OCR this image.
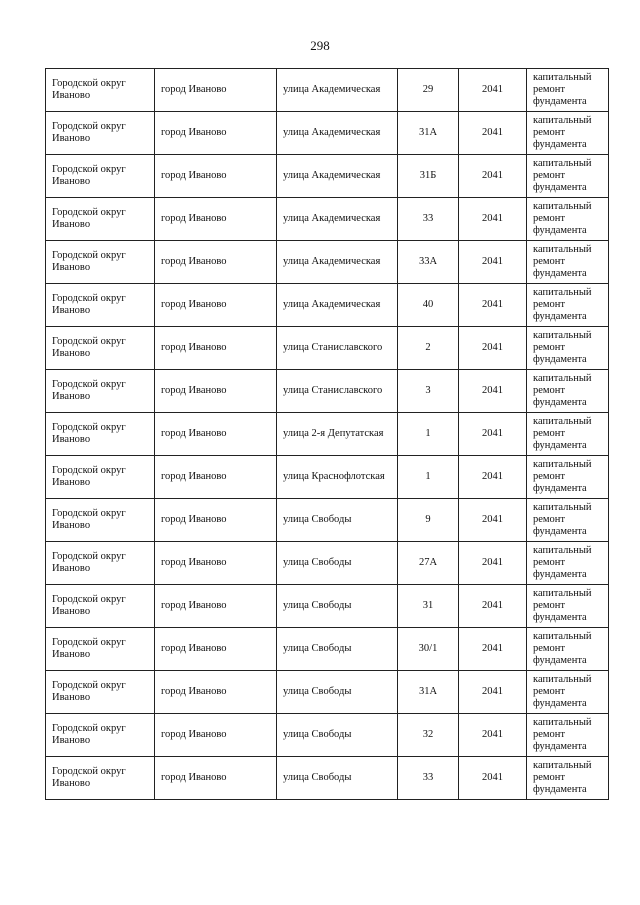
298
Городской округ Иваново	город Иваново	улица Академическая	29	2041	капитальный ремонт фундамента
Городской округ Иваново	город Иваново	улица Академическая	31А	2041	капитальный ремонт фундамента
Городской округ Иваново	город Иваново	улица Академическая	31Б	2041	капитальный ремонт фундамента
Городской округ Иваново	город Иваново	улица Академическая	33	2041	капитальный ремонт фундамента
Городской округ Иваново	город Иваново	улица Академическая	33А	2041	капитальный ремонт фундамента
Городской округ Иваново	город Иваново	улица Академическая	40	2041	капитальный ремонт фундамента
Городской округ Иваново	город Иваново	улица Станиславского	2	2041	капитальный ремонт фундамента
Городской округ Иваново	город Иваново	улица Станиславского	3	2041	капитальный ремонт фундамента
Городской округ Иваново	город Иваново	улица 2-я Депутатская	1	2041	капитальный ремонт фундамента
Городской округ Иваново	город Иваново	улица Краснофлотская	1	2041	капитальный ремонт фундамента
Городской округ Иваново	город Иваново	улица Свободы	9	2041	капитальный ремонт фундамента
Городской округ Иваново	город Иваново	улица Свободы	27А	2041	капитальный ремонт фундамента
Городской округ Иваново	город Иваново	улица Свободы	31	2041	капитальный ремонт фундамента
Городской округ Иваново	город Иваново	улица Свободы	30/1	2041	капитальный ремонт фундамента
Городской округ Иваново	город Иваново	улица Свободы	31А	2041	капитальный ремонт фундамента
Городской округ Иваново	город Иваново	улица Свободы	32	2041	капитальный ремонт фундамента
Городской округ Иваново	город Иваново	улица Свободы	33	2041	капитальный ремонт фундамента
